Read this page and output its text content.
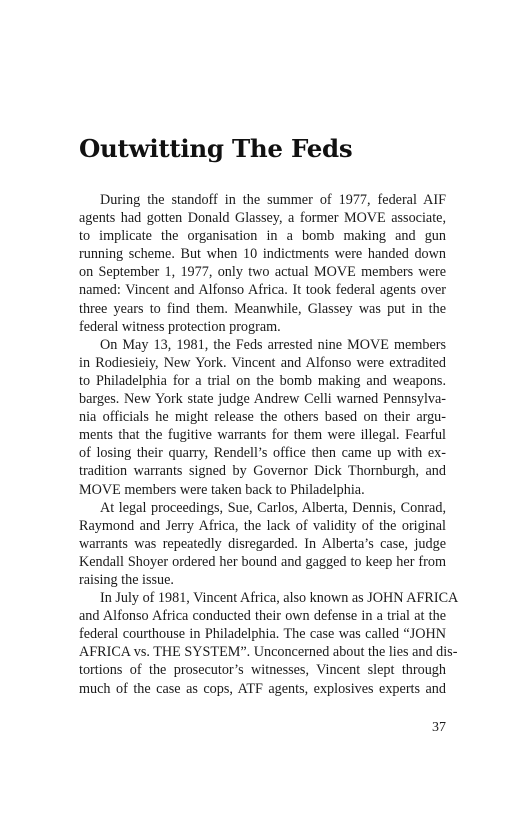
Outwitting The Feds
During the standoff in the summer of 1977, federal AIF
agents had gotten Donald Glassey, a former MOVE associate,
to implicate the organisation in a bomb making and gun
running scheme. But when 10 indictments were handed down
on September 1, 1977, only two actual MOVE members were
named: Vincent and Alfonso Africa. It took federal agents over
three years to find them. Meanwhile, Glassey was put in the
federal witness protection program.
On May 13, 1981, the Feds arrested nine MOVE members
in Rodiesieiy, New York. Vincent and Alfonso were extradited
to Philadelphia for a trial on the bomb making and weapons.
barges. New York state judge Andrew Celli warned Pennsylva-
nia officials he might release the others based on their argu-
ments that the fugitive warrants for them were illegal. Fearful
of losing their quarry, Rendell’s office then came up with ex-
tradition warrants signed by Governor Dick Thornburgh, and
MOVE members were taken back to Philadelphia.
At legal proceedings, Sue, Carlos, Alberta, Dennis, Conrad,
Raymond and Jerry Africa, the lack of validity of the original
warrants was repeatedly disregarded. In Alberta’s case, judge
Kendall Shoyer ordered her bound and gagged to keep her from
raising the issue.
In July of 1981, Vincent Africa, also known as JOHN AFRICA
and Alfonso Africa conducted their own defense in a trial at the
federal courthouse in Philadelphia. The case was called “JOHN
AFRICA vs. THE SYSTEM”. Unconcerned about the lies and dis-
tortions of the prosecutor’s witnesses, Vincent slept through
much of the case as cops, ATF agents, explosives experts and
37
